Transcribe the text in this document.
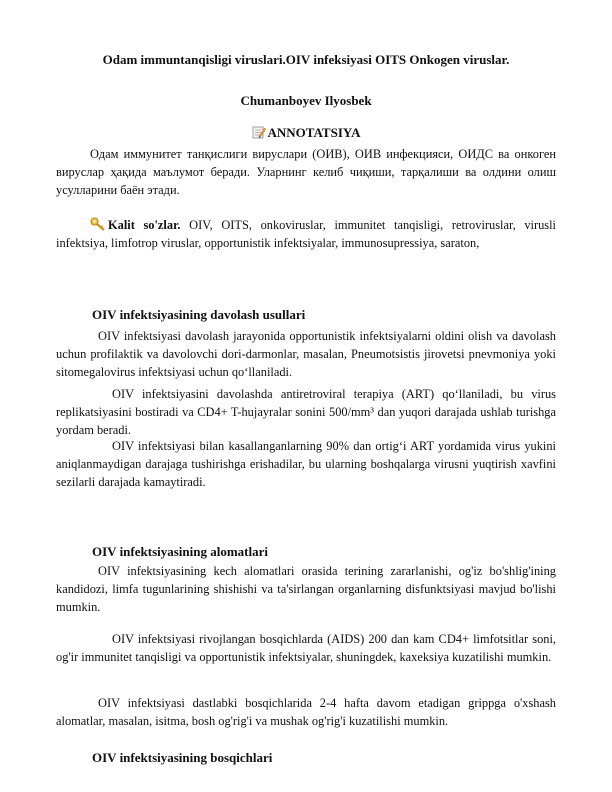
Odam immuntanqisligi viruslari.OIV infeksiyasi OITS Onkogen viruslar.
Chumanboyev Ilyosbek
ANNOTATSIYA
Одам иммунитет танқислиги вируслари (ОИВ), ОИВ инфекцияси, ОИДС ва онкоген вируслар ҳақида маълумот беради. Уларнинг келиб чиқиши, тарқалиши ва олдини олиш усулларини баён этади.
Kalit so'zlar. OIV, OITS, onkoviruslar, immunitet tanqisligi, retroviruslar, virusli infektsiya, limfotrop viruslar, opportunistik infektsiyalar, immunosupressiya, saraton,
OIV infektsiyasining davolash usullari
OIV infektsiyasi davolash jarayonida opportunistik infektsiyalarni oldini olish va davolash uchun profilaktik va davolovchi dori-darmonlar, masalan, Pneumotsistis jirovetsi pnevmoniya yoki sitomegalovirus infektsiyasi uchun qo‘llaniladi.
OIV infektsiyasini davolashda antiretroviral terapiya (ART) qo‘llaniladi, bu virus replikatsiyasini bostiradi va CD4+ T-hujayralar sonini 500/mm³ dan yuqori darajada ushlab turishga yordam beradi.
OIV infektsiyasi bilan kasallanganlarning 90% dan ortig‘i ART yordamida virus yukini aniqlanmaydigan darajaga tushirishga erishadilar, bu ularning boshqalarga virusni yuqtirish xavfini sezilarli darajada kamaytiradi.
OIV infektsiyasining alomatlari
OIV infektsiyasining kech alomatlari orasida terining zararlanishi, og'iz bo'shlig'ining kandidozi, limfa tugunlarining shishishi va ta'sirlangan organlarning disfunktsiyasi mavjud bo'lishi mumkin.
OIV infektsiyasi rivojlangan bosqichlarda (AIDS) 200 dan kam CD4+ limfotsitlar soni, og'ir immunitet tanqisligi va opportunistik infektsiyalar, shuningdek, kaxeksiya kuzatilishi mumkin.
OIV infektsiyasi dastlabki bosqichlarida 2-4 hafta davom etadigan grippga o'xshash alomatlar, masalan, isitma, bosh og'rig'i va mushak og'rig'i kuzatilishi mumkin.
OIV infektsiyasining bosqichlari
